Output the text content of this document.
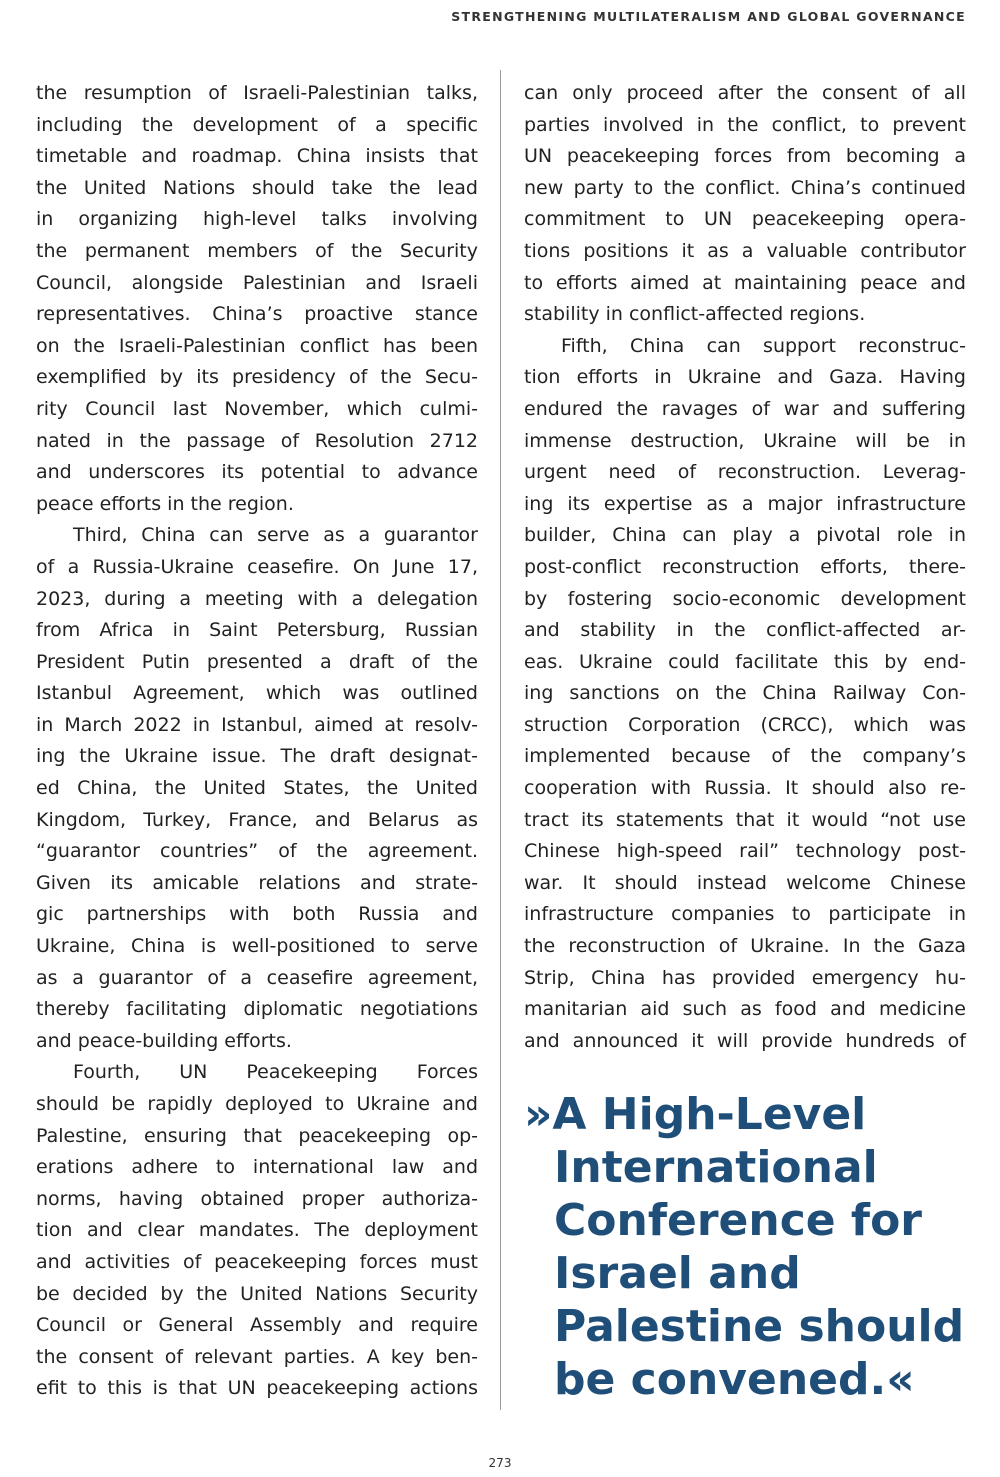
STRENGTHENING MULTILATERALISM AND GLOBAL GOVERNANCE
the resumption of Israeli-Palestinian talks,
including the development of a specific
timetable and roadmap. China insists that
the United Nations should take the lead
in organizing high-level talks involving
the permanent members of the Security
Council, alongside Palestinian and Israeli
representatives. China’s proactive stance
on the Israeli-Palestinian conflict has been
exemplified by its presidency of the Secu-
rity Council last November, which culmi-
nated in the passage of Resolution 2712
and underscores its potential to advance
peace efforts in the region.
Third, China can serve as a guarantor
of a Russia-Ukraine ceasefire. On June 17,
2023, during a meeting with a delegation
from Africa in Saint Petersburg, Russian
President Putin presented a draft of the
Istanbul Agreement, which was outlined
in March 2022 in Istanbul, aimed at resolv-
ing the Ukraine issue. The draft designat-
ed China, the United States, the United
Kingdom, Turkey, France, and Belarus as
“guarantor countries” of the agreement.
Given its amicable relations and strate-
gic partnerships with both Russia and
Ukraine, China is well-positioned to serve
as a guarantor of a ceasefire agreement,
thereby facilitating diplomatic negotiations
and peace-building efforts.
Fourth, UN Peacekeeping Forces
should be rapidly deployed to Ukraine and
Palestine, ensuring that peacekeeping op-
erations adhere to international law and
norms, having obtained proper authoriza-
tion and clear mandates. The deployment
and activities of peacekeeping forces must
be decided by the United Nations Security
Council or General Assembly and require
the consent of relevant parties. A key ben-
efit to this is that UN peacekeeping actions
can only proceed after the consent of all
parties involved in the conflict, to prevent
UN peacekeeping forces from becoming a
new party to the conflict. China’s continued
commitment to UN peacekeeping opera-
tions positions it as a valuable contributor
to efforts aimed at maintaining peace and
stability in conflict-affected regions.
Fifth, China can support reconstruc-
tion efforts in Ukraine and Gaza. Having
endured the ravages of war and suffering
immense destruction, Ukraine will be in
urgent need of reconstruction. Leverag-
ing its expertise as a major infrastructure
builder, China can play a pivotal role in
post-conflict reconstruction efforts, there-
by fostering socio-economic development
and stability in the conflict-affected ar-
eas. Ukraine could facilitate this by end-
ing sanctions on the China Railway Con-
struction Corporation (CRCC), which was
implemented because of the company’s
cooperation with Russia. It should also re-
tract its statements that it would “not use
Chinese high-speed rail” technology post-
war. It should instead welcome Chinese
infrastructure companies to participate in
the reconstruction of Ukraine. In the Gaza
Strip, China has provided emergency hu-
manitarian aid such as food and medicine
and announced it will provide hundreds of
»A High-Level
International
Conference for
Israel and
Palestine should
be convened.«
273
